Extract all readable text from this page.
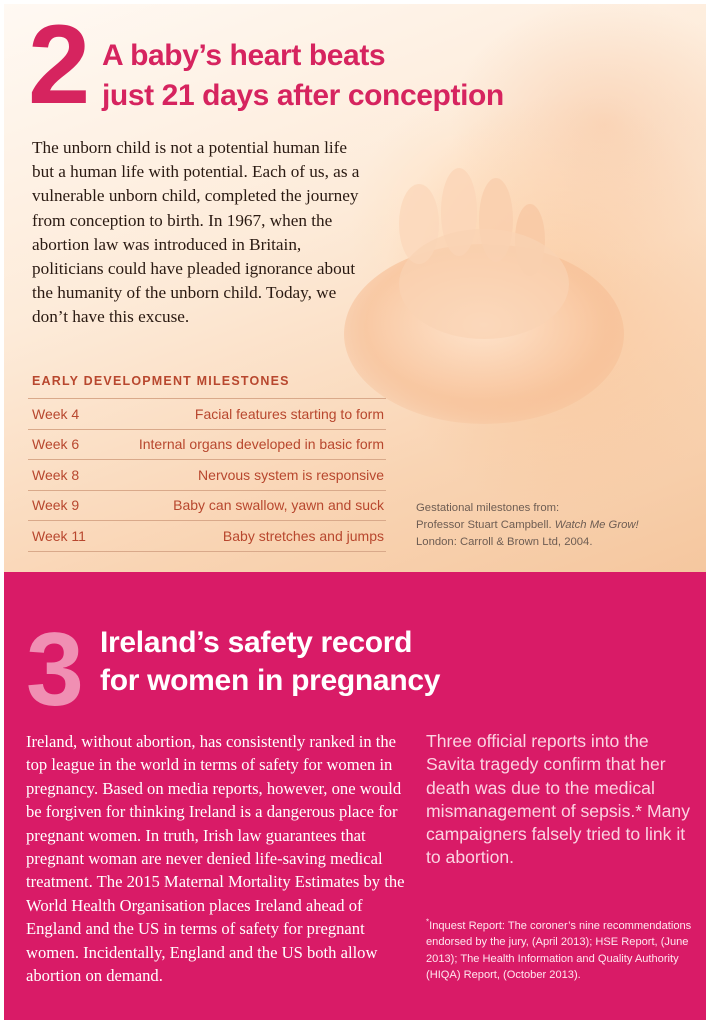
2 A baby’s heart beats
just 21 days after conception

The unborn child is not a potential human life but a human life with potential. Each of us, as a vulnerable unborn child, completed the journey from conception to birth. In 1967, when the abortion law was introduced in Britain, politicians could have pleaded ignorance about the humanity of the unborn child. Today, we don’t have this excuse.

EARLY DEVELOPMENT MILESTONES
Week 4	Facial features starting to form
Week 6	Internal organs developed in basic form
Week 8	Nervous system is responsive
Week 9	Baby can swallow, yawn and suck
Week 11	Baby stretches and jumps
Gestational milestones from:
Professor Stuart Campbell. Watch Me Grow!
London: Carroll & Brown Ltd, 2004.
3 Ireland’s safety record
for women in pregnancy

Ireland, without abortion, has consistently ranked in the top league in the world in terms of safety for women in pregnancy. Based on media reports, however, one would be forgiven for thinking Ireland is a dangerous place for pregnant women. In truth, Irish law guarantees that pregnant woman are never denied life-saving medical treatment. The 2015 Maternal Mortality Estimates by the World Health Organisation places Ireland ahead of England and the US in terms of safety for pregnant women. Incidentally, England and the US both allow abortion on demand.

Three official reports into the Savita tragedy confirm that her death was due to the medical mismanagement of sepsis.* Many campaigners falsely tried to link it to abortion.

*Inquest Report: The coroner’s nine recommendations endorsed by the jury, (April 2013); HSE Report, (June 2013); The Health Information and Quality Authority (HIQA) Report, (October 2013).
